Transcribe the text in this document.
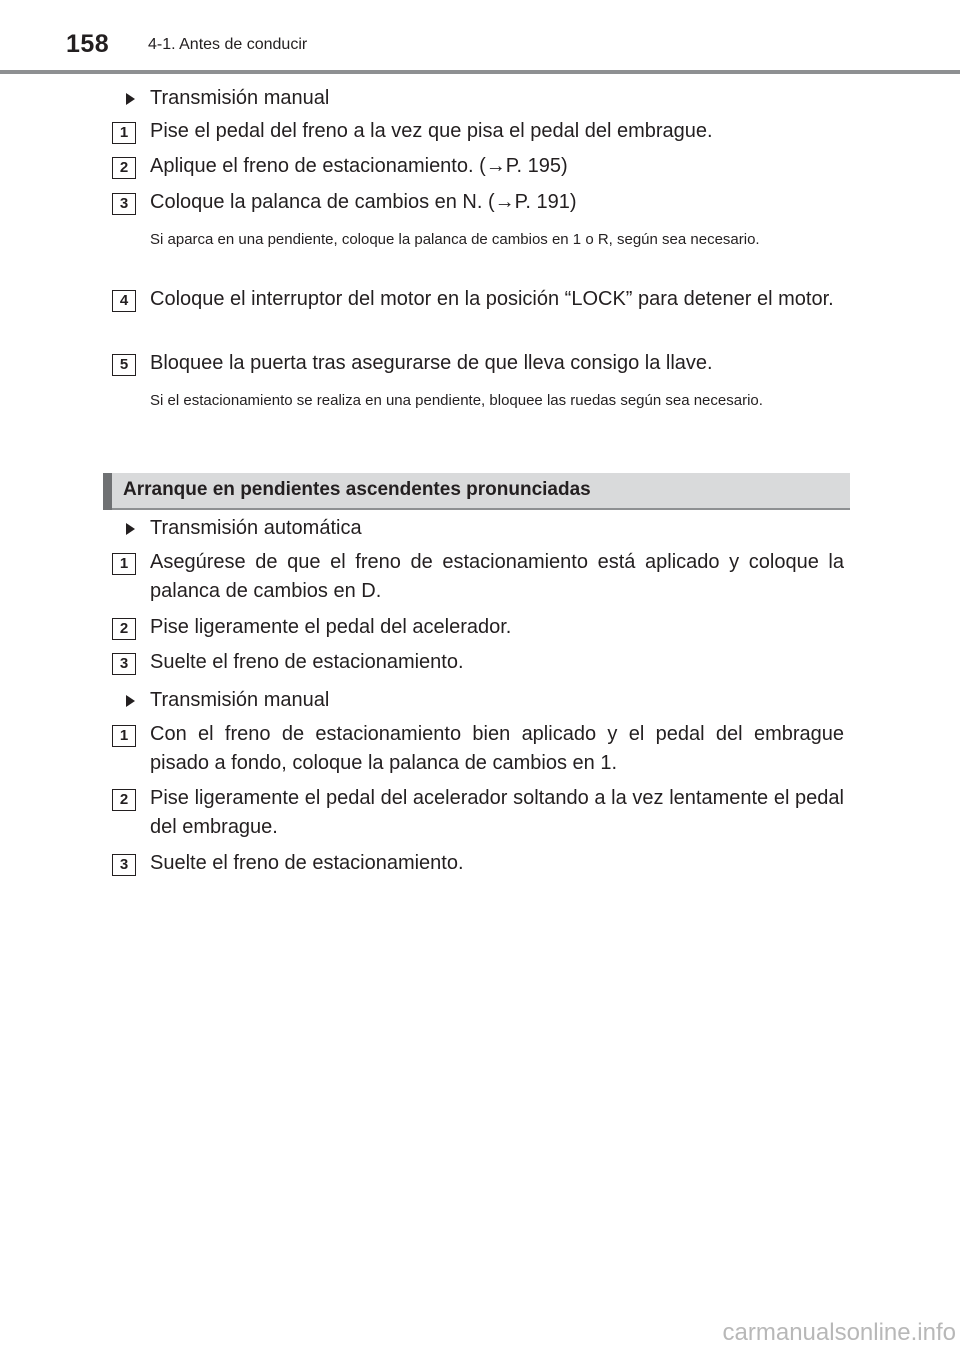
158 4-1. Antes de conducir
Transmisión manual
1	Pise el pedal del freno a la vez que pisa el pedal del embrague.
2	Aplique el freno de estacionamiento. (→P. 195)
3	Coloque la palanca de cambios en N. (→P. 191)
Si aparca en una pendiente, coloque la palanca de cambios en 1 o R, según sea necesario.
4	Coloque el interruptor del motor en la posición “LOCK” para detener el motor.
5	Bloquee la puerta tras asegurarse de que lleva consigo la llave.
Si el estacionamiento se realiza en una pendiente, bloquee las ruedas según sea necesario.
Arranque en pendientes ascendentes pronunciadas
Transmisión automática
1	Asegúrese de que el freno de estacionamiento está aplicado y coloque la palanca de cambios en D.
2	Pise ligeramente el pedal del acelerador.
3	Suelte el freno de estacionamiento.
Transmisión manual
1	Con el freno de estacionamiento bien aplicado y el pedal del embrague pisado a fondo, coloque la palanca de cambios en 1.
2	Pise ligeramente el pedal del acelerador soltando a la vez lentamente el pedal del embrague.
3	Suelte el freno de estacionamiento.
carmanualsonline.info
